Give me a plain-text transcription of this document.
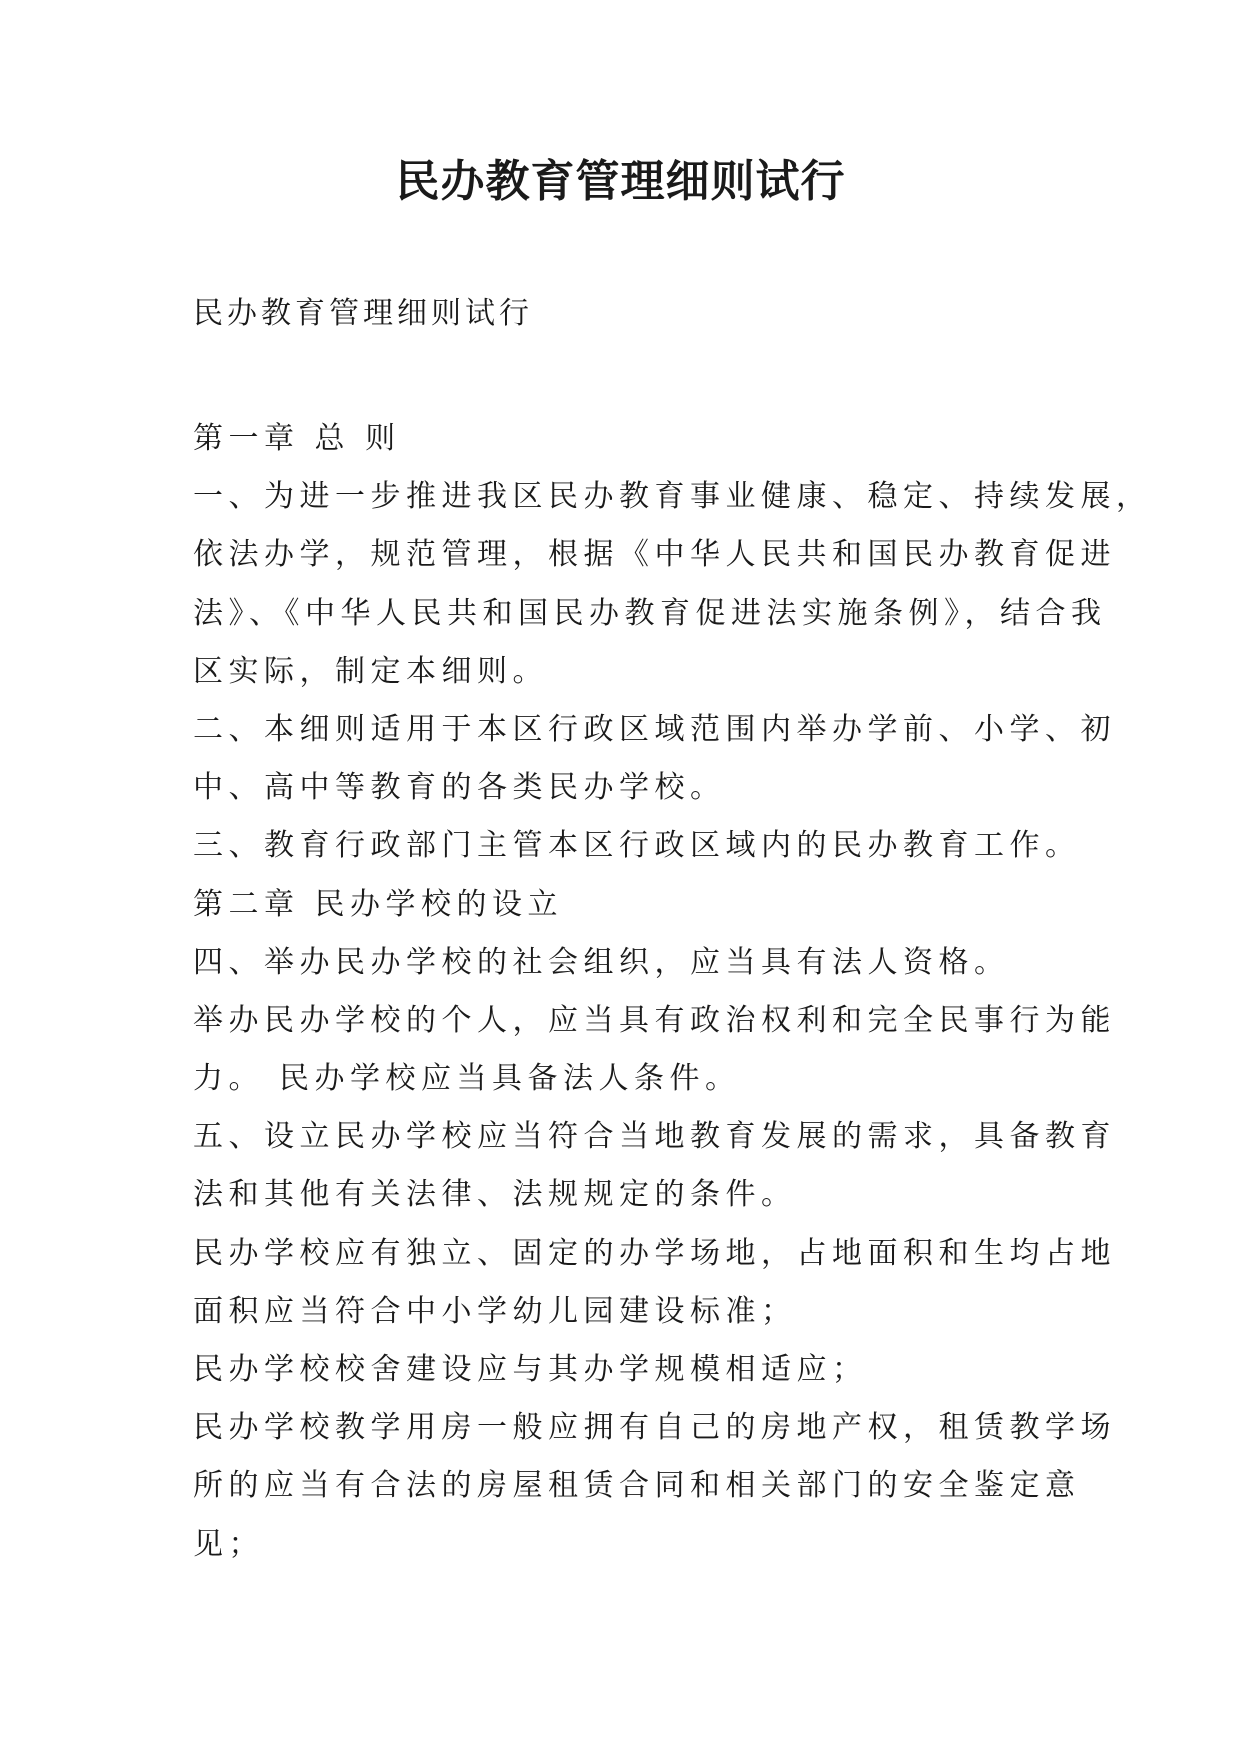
民办教育管理细则试行
民办教育管理细则试行
第一章 总 则
一、为进一步推进我区民办教育事业健康、稳定、持续发展，
依法办学，规范管理，根据《中华人民共和国民办教育促进
法》、《中华人民共和国民办教育促进法实施条例》，结合我
区实际，制定本细则。
二、本细则适用于本区行政区域范围内举办学前、小学、初
中、高中等教育的各类民办学校。
三、教育行政部门主管本区行政区域内的民办教育工作。
第二章 民办学校的设立
四、举办民办学校的社会组织，应当具有法人资格。
举办民办学校的个人，应当具有政治权利和完全民事行为能
力。 民办学校应当具备法人条件。
五、设立民办学校应当符合当地教育发展的需求，具备教育
法和其他有关法律、法规规定的条件。
民办学校应有独立、固定的办学场地，占地面积和生均占地
面积应当符合中小学幼儿园建设标准；
民办学校校舍建设应与其办学规模相适应；
民办学校教学用房一般应拥有自己的房地产权，租赁教学场
所的应当有合法的房屋租赁合同和相关部门的安全鉴定意
见；
